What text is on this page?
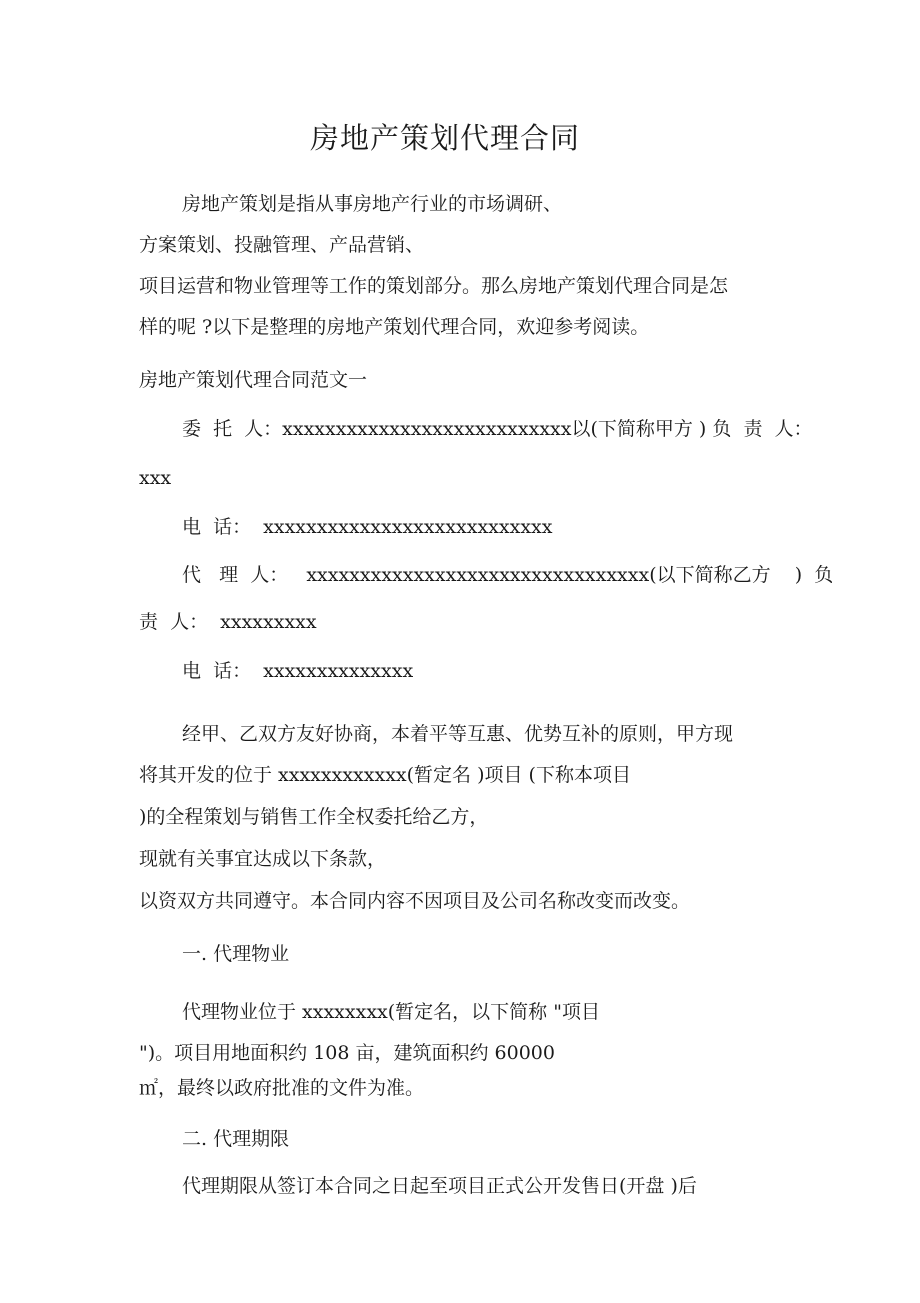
房地产策划代理合同
房地产策划是指从事房地产行业的市场调研、
方案策划、投融管理、产品营销、
项目运营和物业管理等工作的策划部分。那么房地产策划代理合同是怎
样的呢 ?以下是整理的房地产策划代理合同，欢迎参考阅读。
房地产策划代理合同范文一
委  托  人：xxxxxxxxxxxxxxxxxxxxxxxxxxx以(下简称甲方 ) 负  责  人：
xxx
电  话：  xxxxxxxxxxxxxxxxxxxxxxxxxxx
代   理  人：   xxxxxxxxxxxxxxxxxxxxxxxxxxxxxxxx(以下简称乙方    )  负
责  人：  xxxxxxxxx
电  话：  xxxxxxxxxxxxxx
经甲、乙双方友好协商，本着平等互惠、优势互补的原则，甲方现
将其开发的位于 xxxxxxxxxxxx(暂定名 )项目 (下称本项目
)的全程策划与销售工作全权委托给乙方，
现就有关事宜达成以下条款，
以资双方共同遵守。本合同内容不因项目及公司名称改变而改变。
一. 代理物业
代理物业位于 xxxxxxxx(暂定名，以下简称 "项目
")。项目用地面积约 108 亩，建筑面积约 60000
㎡，最终以政府批准的文件为准。
二. 代理期限
代理期限从签订本合同之日起至项目正式公开发售日(开盘 )后
